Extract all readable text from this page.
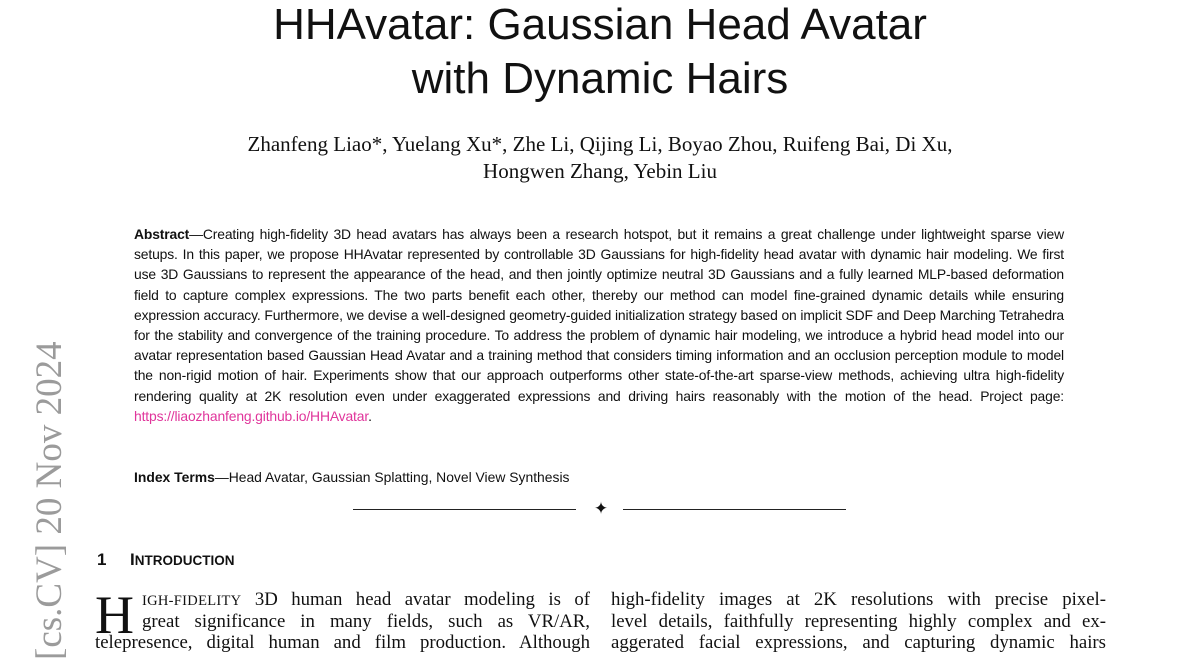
HHAvatar: Gaussian Head Avatar
with Dynamic Hairs
Zhanfeng Liao*, Yuelang Xu*, Zhe Li, Qijing Li, Boyao Zhou, Ruifeng Bai, Di Xu,
Hongwen Zhang, Yebin Liu
Abstract—Creating high-fidelity 3D head avatars has always been a research hotspot, but it remains a great challenge under lightweight sparse view setups. In this paper, we propose HHAvatar represented by controllable 3D Gaussians for high-fidelity head avatar with dynamic hair modeling. We first use 3D Gaussians to represent the appearance of the head, and then jointly optimize neutral 3D Gaussians and a fully learned MLP-based deformation field to capture complex expressions. The two parts benefit each other, thereby our method can model fine-grained dynamic details while ensuring expression accuracy. Furthermore, we devise a well-designed geometry-guided initialization strategy based on implicit SDF and Deep Marching Tetrahedra for the stability and convergence of the training procedure. To address the problem of dynamic hair modeling, we introduce a hybrid head model into our avatar representation based Gaussian Head Avatar and a training method that considers timing information and an occlusion perception module to model the non-rigid motion of hair. Experiments show that our approach outperforms other state-of-the-art sparse-view methods, achieving ultra high-fidelity rendering quality at 2K resolution even under exaggerated expressions and driving hairs reasonably with the motion of the head. Project page: https://liaozhanfeng.github.io/HHAvatar.
Index Terms—Head Avatar, Gaussian Splatting, Novel View Synthesis
✦
1 INTRODUCTION
H IGH-FIDELITY 3D human head avatar modeling is of
great significance in many fields, such as VR/AR,
telepresence, digital human and film production. Although
high-fidelity images at 2K resolutions with precise pixel-
level details, faithfully representing highly complex and ex-
aggerated facial expressions, and capturing dynamic hairs
[cs.CV] 20 Nov 2024
